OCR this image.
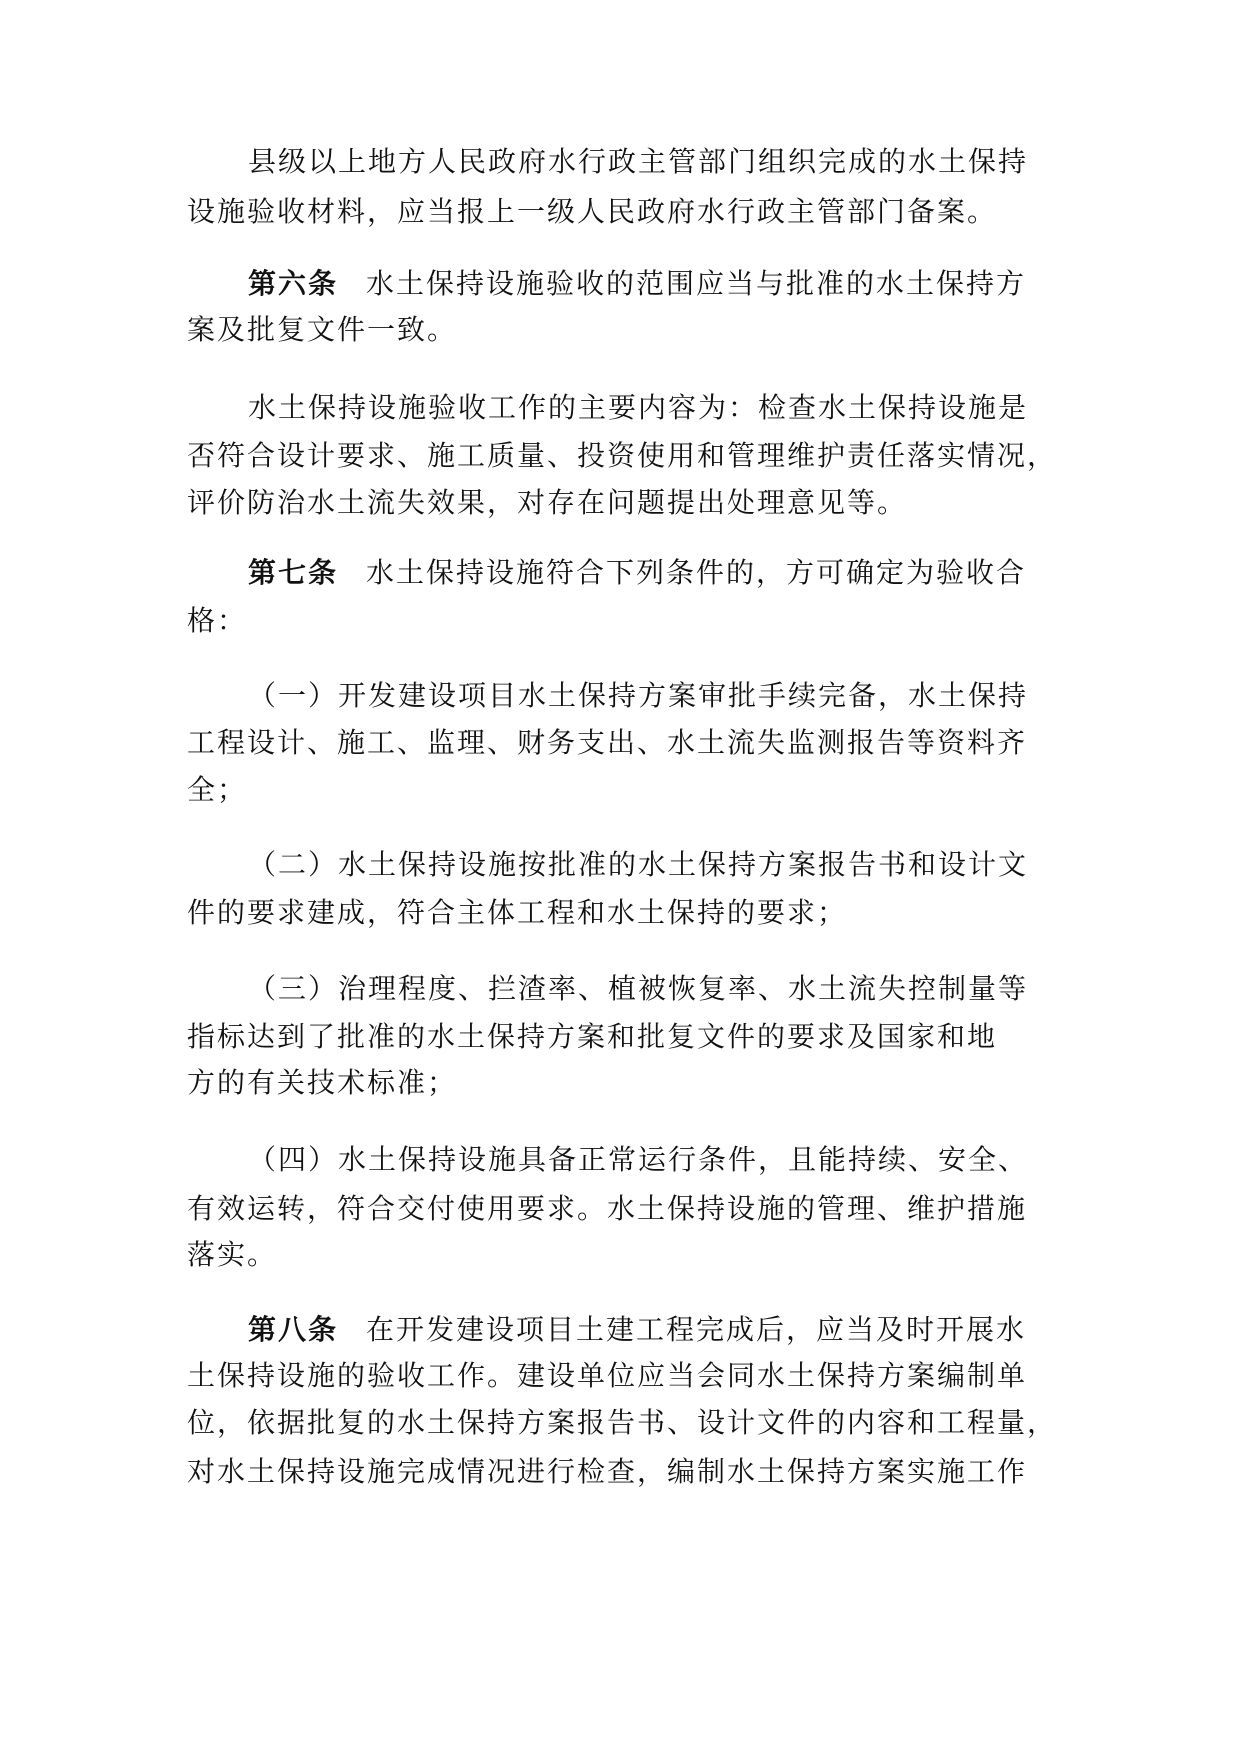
县级以上地方人民政府水行政主管部门组织完成的水土保持
设施验收材料，应当报上一级人民政府水行政主管部门备案。
第六条 水土保持设施验收的范围应当与批准的水土保持方
案及批复文件一致。
水土保持设施验收工作的主要内容为：检查水土保持设施是
否符合设计要求、施工质量、投资使用和管理维护责任落实情况，
评价防治水土流失效果，对存在问题提出处理意见等。
第七条 水土保持设施符合下列条件的，方可确定为验收合
格：
（一）开发建设项目水土保持方案审批手续完备，水土保持
工程设计、施工、监理、财务支出、水土流失监测报告等资料齐
全；
（二）水土保持设施按批准的水土保持方案报告书和设计文
件的要求建成，符合主体工程和水土保持的要求；
（三）治理程度、拦渣率、植被恢复率、水土流失控制量等
指标达到了批准的水土保持方案和批复文件的要求及国家和地
方的有关技术标准；
（四）水土保持设施具备正常运行条件，且能持续、安全、
有效运转，符合交付使用要求。水土保持设施的管理、维护措施
落实。
第八条 在开发建设项目土建工程完成后，应当及时开展水
土保持设施的验收工作。建设单位应当会同水土保持方案编制单
位，依据批复的水土保持方案报告书、设计文件的内容和工程量，
对水土保持设施完成情况进行检查，编制水土保持方案实施工作
